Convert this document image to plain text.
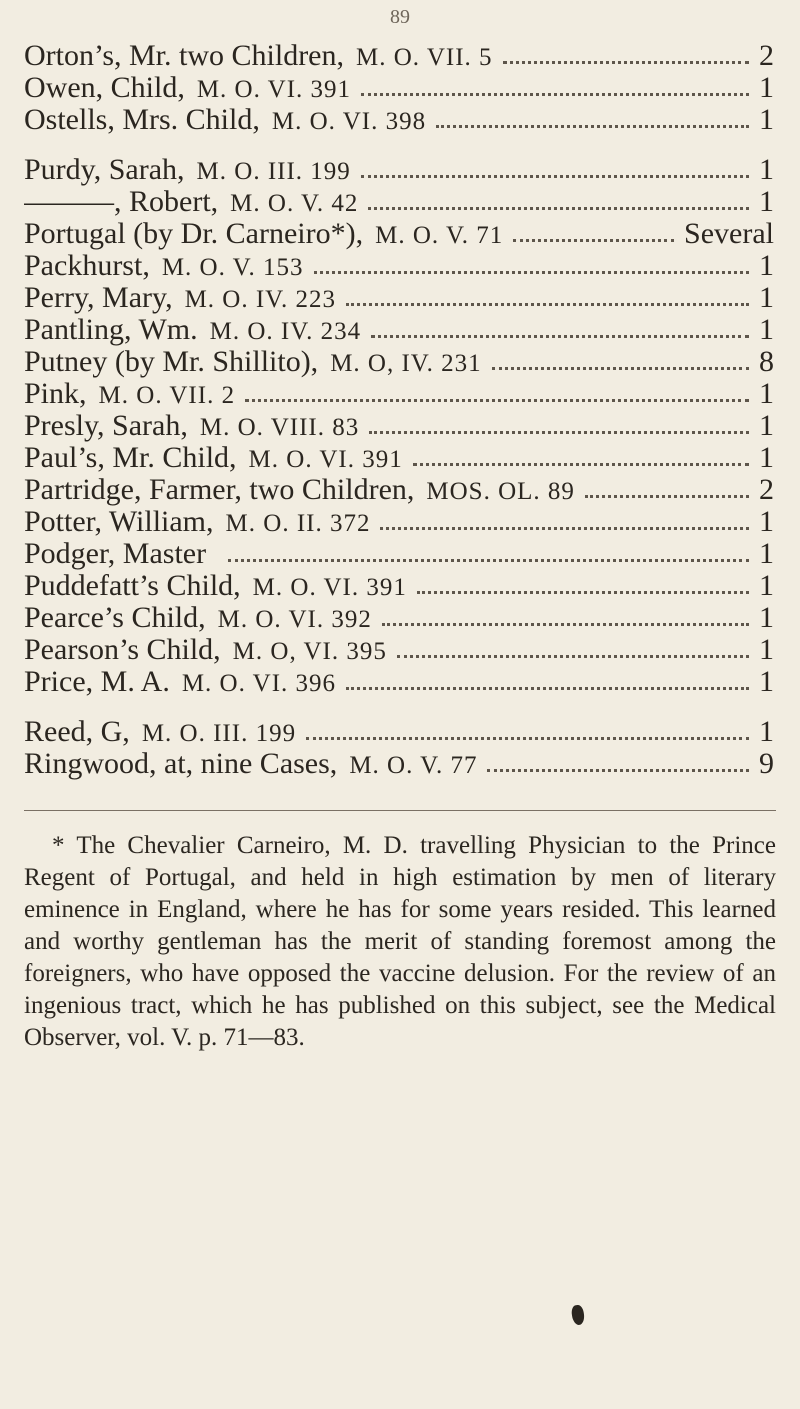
89
Orton’s, Mr. two Children, M. O. VII. 5	2
Owen, Child, M. O. VI. 391	1
Ostells, Mrs. Child, M. O. VI. 398	1
Purdy, Sarah, M. O. III. 199	1
———, Robert, M. O. V. 42	1
Portugal (by Dr. Carneiro*), M. O. V. 71	Several
Packhurst, M. O. V. 153	1
Perry, Mary, M. O. IV. 223	1
Pantling, Wm. M. O. IV. 234	1
Putney (by Mr. Shillito), M. O, IV. 231	8
Pink, M. O. VII. 2	1
Presly, Sarah, M. O. VIII. 83	1
Paul’s, Mr. Child, M. O. VI. 391	1
Partridge, Farmer, two Children, MOS. OL. 89	2
Potter, William, M. O. II. 372	1
Podger, Master	1
Puddefatt’s Child, M. O. VI. 391	1
Pearce’s Child, M. O. VI. 392	1
Pearson’s Child, M. O, VI. 395	1
Price, M. A. M. O. VI. 396	1
Reed, G, M. O. III. 199	1
Ringwood, at, nine Cases, M. O. V. 77	9
* The Chevalier Carneiro, M. D. travelling Physician to the Prince Regent of Portugal, and held in high estimation by men of literary eminence in England, where he has for some years resided. This learned and worthy gentleman has the merit of standing foremost among the foreigners, who have opposed the vaccine delusion. For the review of an ingenious tract, which he has published on this subject, see the Medical Observer, vol. V. p. 71—83.
